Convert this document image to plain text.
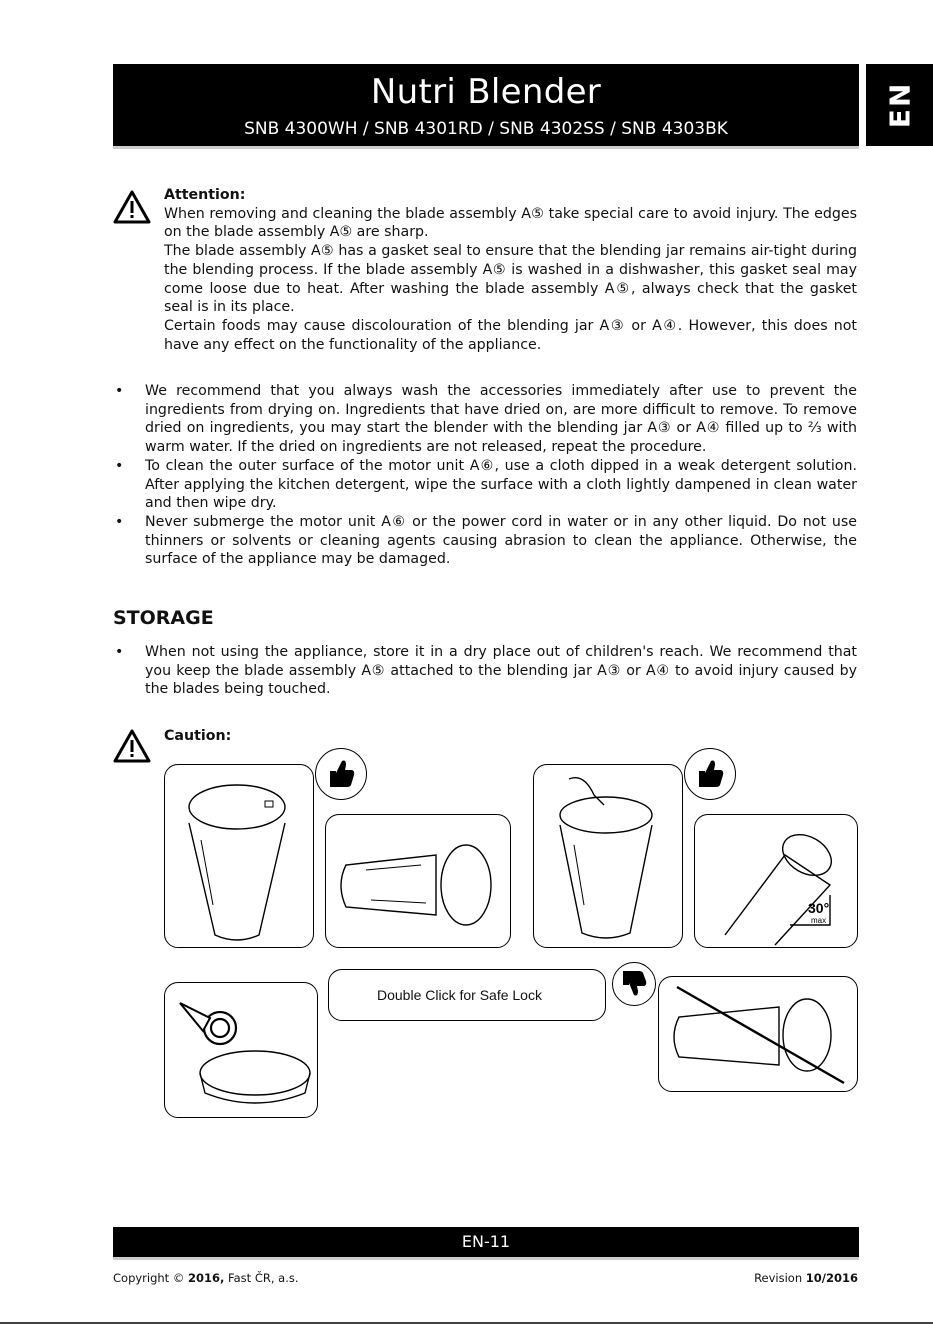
Nutri Blender
SNB 4300WH / SNB 4301RD / SNB 4302SS / SNB 4303BK
EN
Attention:
When removing and cleaning the blade assembly A⑤ take special care to avoid injury. The edges on the blade assembly A⑤ are sharp.
The blade assembly A⑤ has a gasket seal to ensure that the blending jar remains air-tight during the blending process. If the blade assembly A⑤ is washed in a dishwasher, this gasket seal may come loose due to heat. After washing the blade assembly A⑤, always check that the gasket seal is in its place.
Certain foods may cause discolouration of the blending jar A③ or A④. However, this does not have any effect on the functionality of the appliance.
• We recommend that you always wash the accessories immediately after use to prevent the ingredients from drying on. Ingredients that have dried on, are more difficult to remove. To remove dried on ingredients, you may start the blender with the blending jar A③ or A④ filled up to ⅔ with warm water. If the dried on ingredients are not released, repeat the procedure.
• To clean the outer surface of the motor unit A⑥, use a cloth dipped in a weak detergent solution. After applying the kitchen detergent, wipe the surface with a cloth lightly dampened in clean water and then wipe dry.
• Never submerge the motor unit A⑥ or the power cord in water or in any other liquid. Do not use thinners or solvents or cleaning agents causing abrasion to clean the appliance. Otherwise, the surface of the appliance may be damaged.
STORAGE
• When not using the appliance, store it in a dry place out of children's reach. We recommend that you keep the blade assembly A⑤ attached to the blending jar A③ or A④ to avoid injury caused by the blades being touched.
Caution:
30°
max
Double Click for Safe Lock
EN-11
Copyright © 2016, Fast ČR, a.s.	Revision 10/2016
